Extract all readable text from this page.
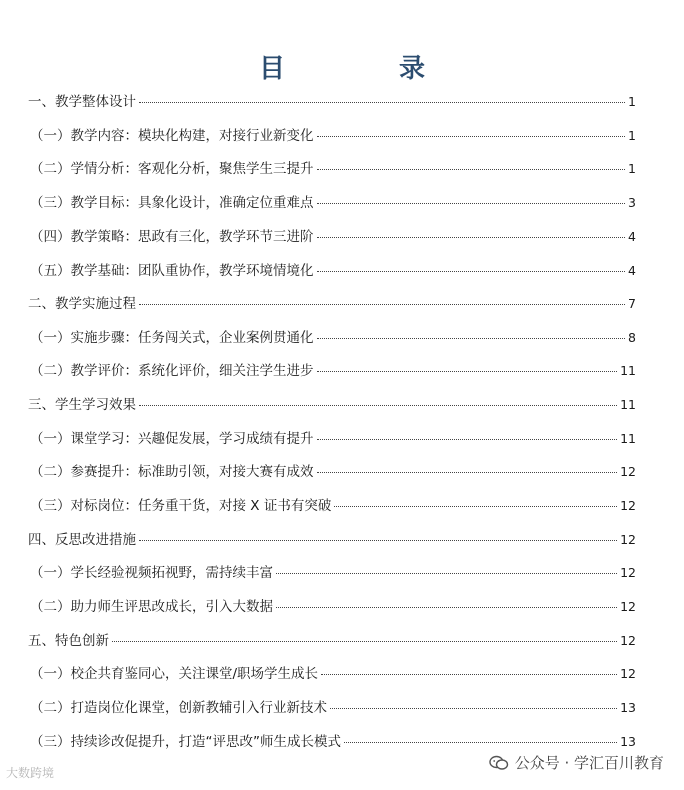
目　录
一、教学整体设计	1
（一）教学内容：模块化构建，对接行业新变化	1
（二）学情分析：客观化分析，聚焦学生三提升	1
（三）教学目标：具象化设计，准确定位重难点	3
（四）教学策略：思政有三化，教学环节三进阶	4
（五）教学基础：团队重协作，教学环境情境化	4
二、教学实施过程	7
（一）实施步骤：任务闯关式，企业案例贯通化	8
（二）教学评价：系统化评价，细关注学生进步	11
三、学生学习效果	11
（一）课堂学习：兴趣促发展，学习成绩有提升	11
（二）参赛提升：标准助引领，对接大赛有成效	12
（三）对标岗位：任务重干货，对接 X 证书有突破	12
四、反思改进措施	12
（一）学长经验视频拓视野，需持续丰富	12
（二）助力师生评思改成长，引入大数据	12
五、特色创新	12
（一）校企共育鉴同心，关注课堂/职场学生成长	12
（二）打造岗位化课堂，创新教辅引入行业新技术	13
（三）持续诊改促提升，打造“评思改”师生成长模式	13
大数跨境
公众号 · 学汇百川教育
